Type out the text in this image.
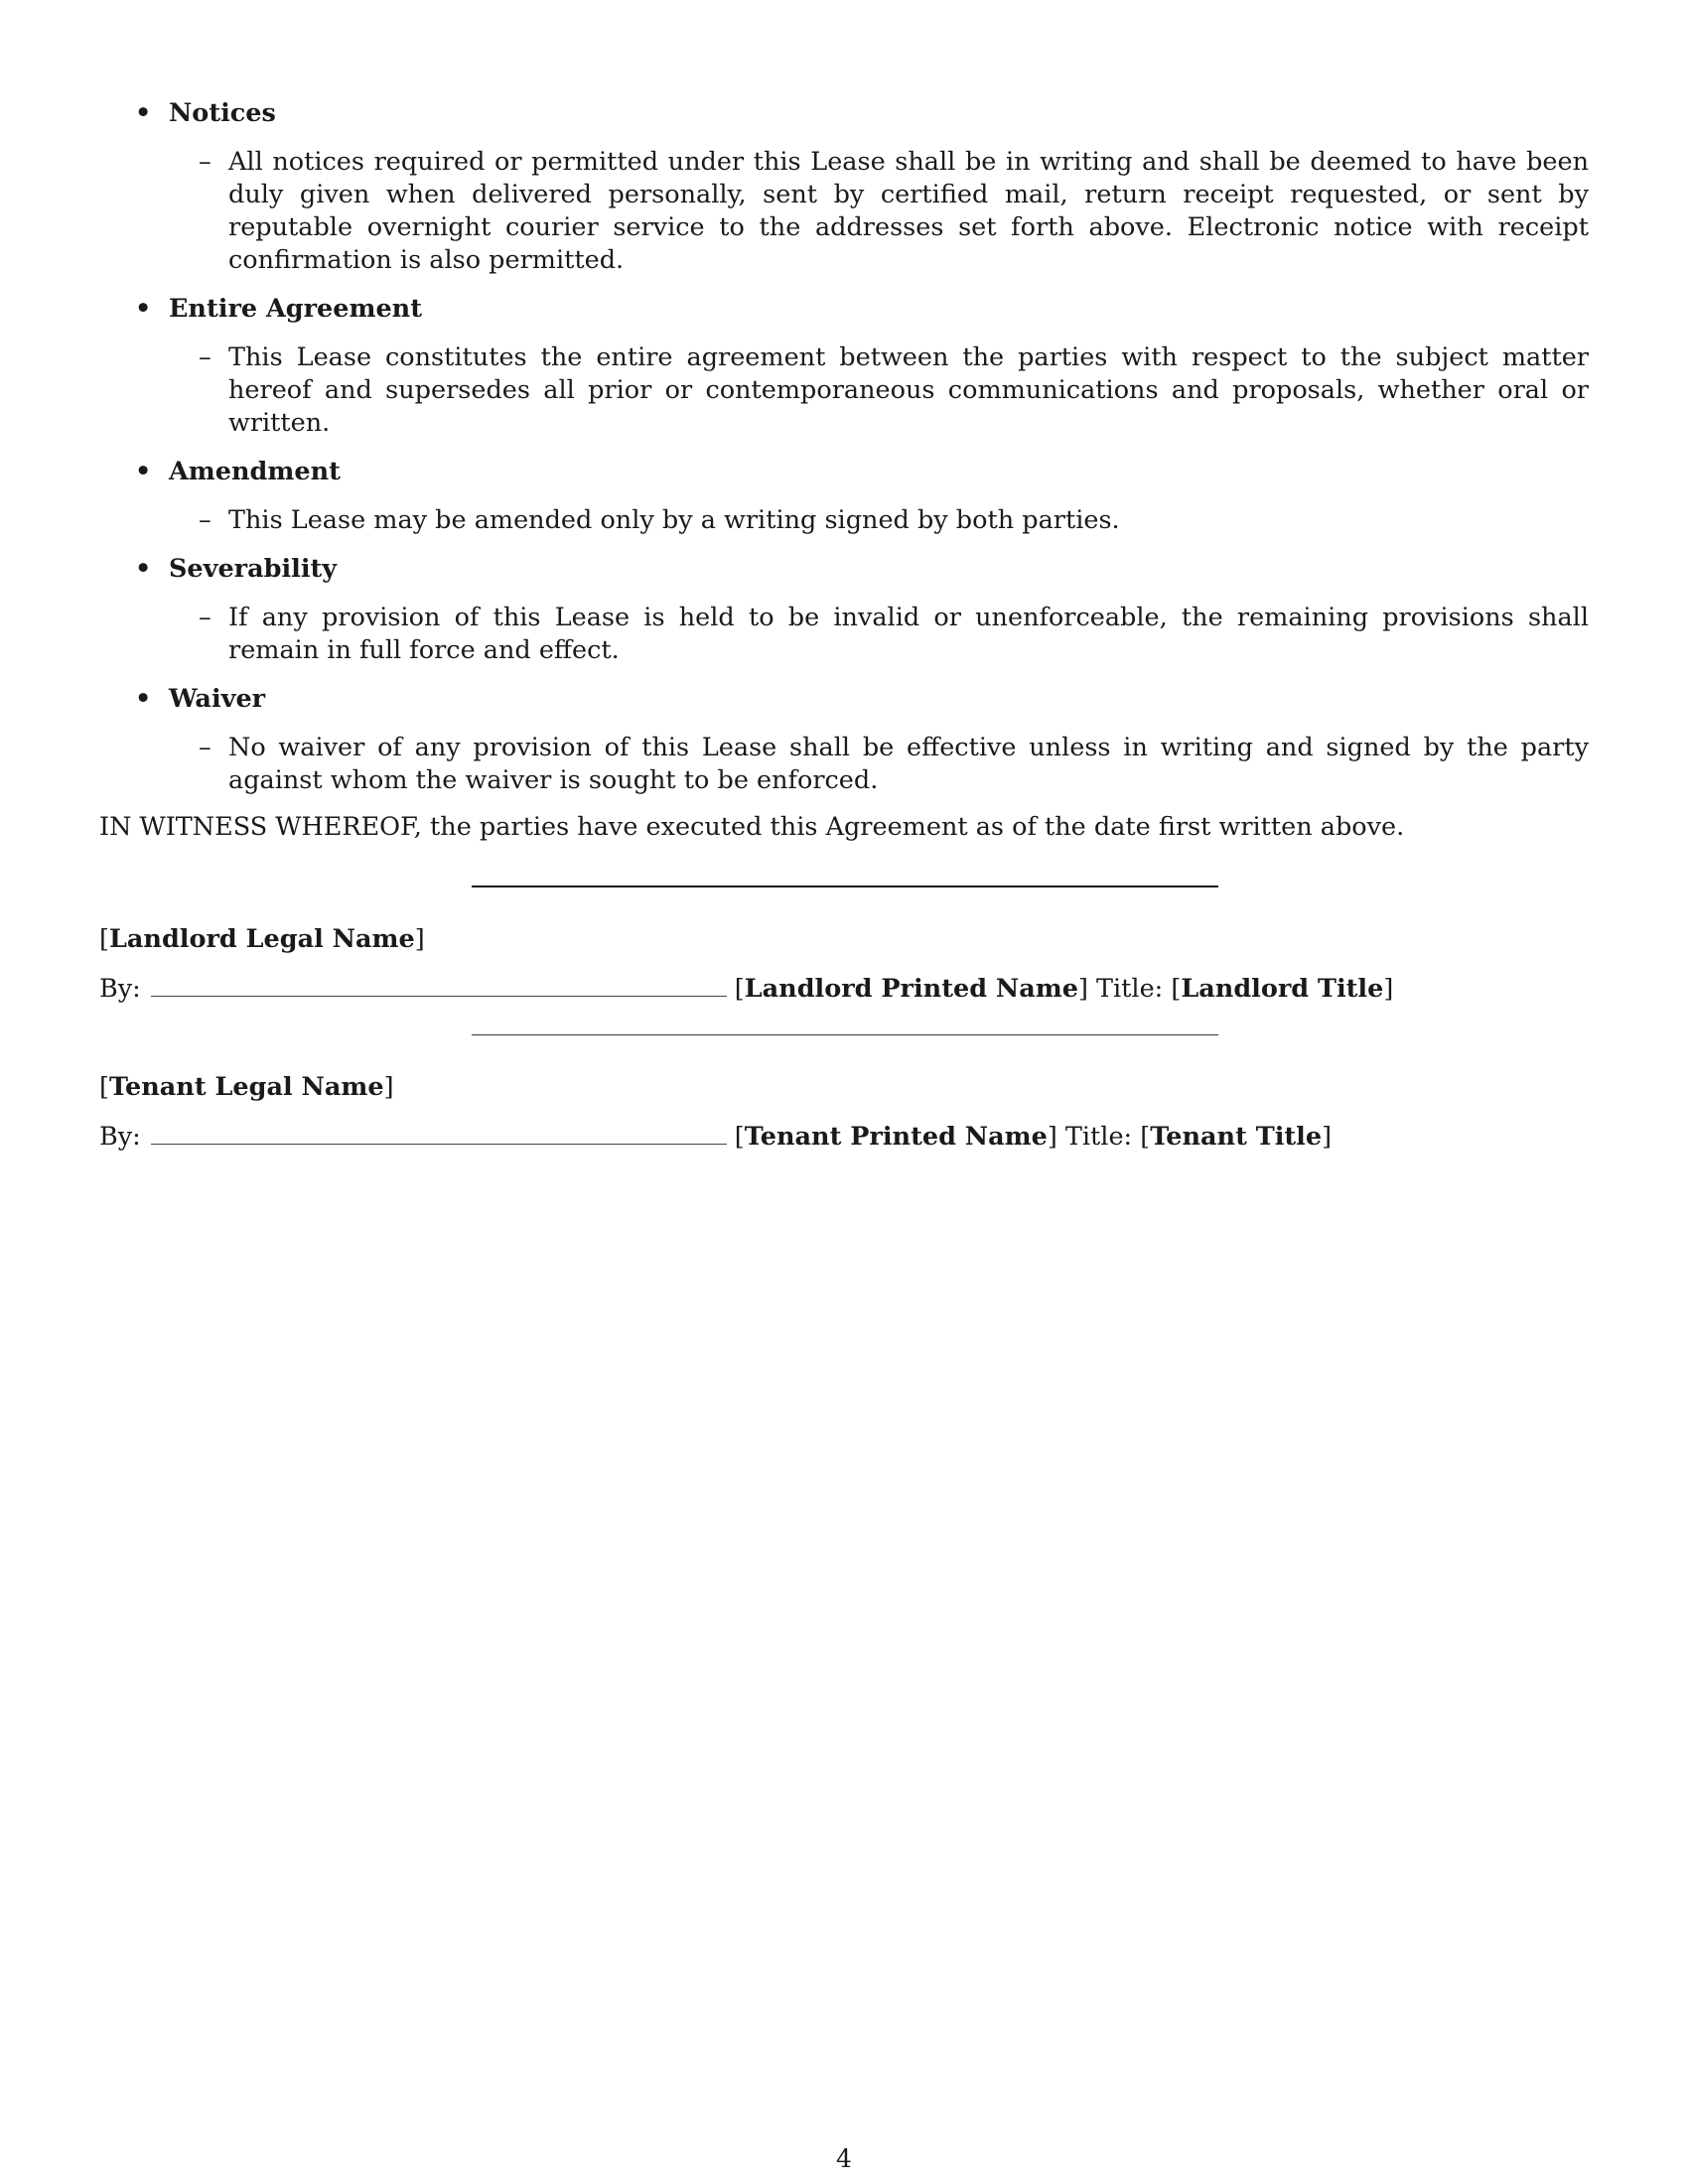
• Notices
– All notices required or permitted under this Lease shall be in writing and shall be deemed to have been duly given when delivered personally, sent by certified mail, return receipt requested, or sent by reputable overnight courier service to the addresses set forth above. Electronic notice with receipt confirmation is also permitted.
• Entire Agreement
– This Lease constitutes the entire agreement between the parties with respect to the subject matter hereof and supersedes all prior or contemporaneous communications and proposals, whether oral or written.
• Amendment
– This Lease may be amended only by a writing signed by both parties.
• Severability
– If any provision of this Lease is held to be invalid or unenforceable, the remaining provisions shall remain in full force and effect.
• Waiver
– No waiver of any provision of this Lease shall be effective unless in writing and signed by the party against whom the waiver is sought to be enforced.
IN WITNESS WHEREOF, the parties have executed this Agreement as of the date first written above.
[Landlord Legal Name]
By:	[Landlord Printed Name] Title: [Landlord Title]
[Tenant Legal Name]
By:	[Tenant Printed Name] Title: [Tenant Title]
4
